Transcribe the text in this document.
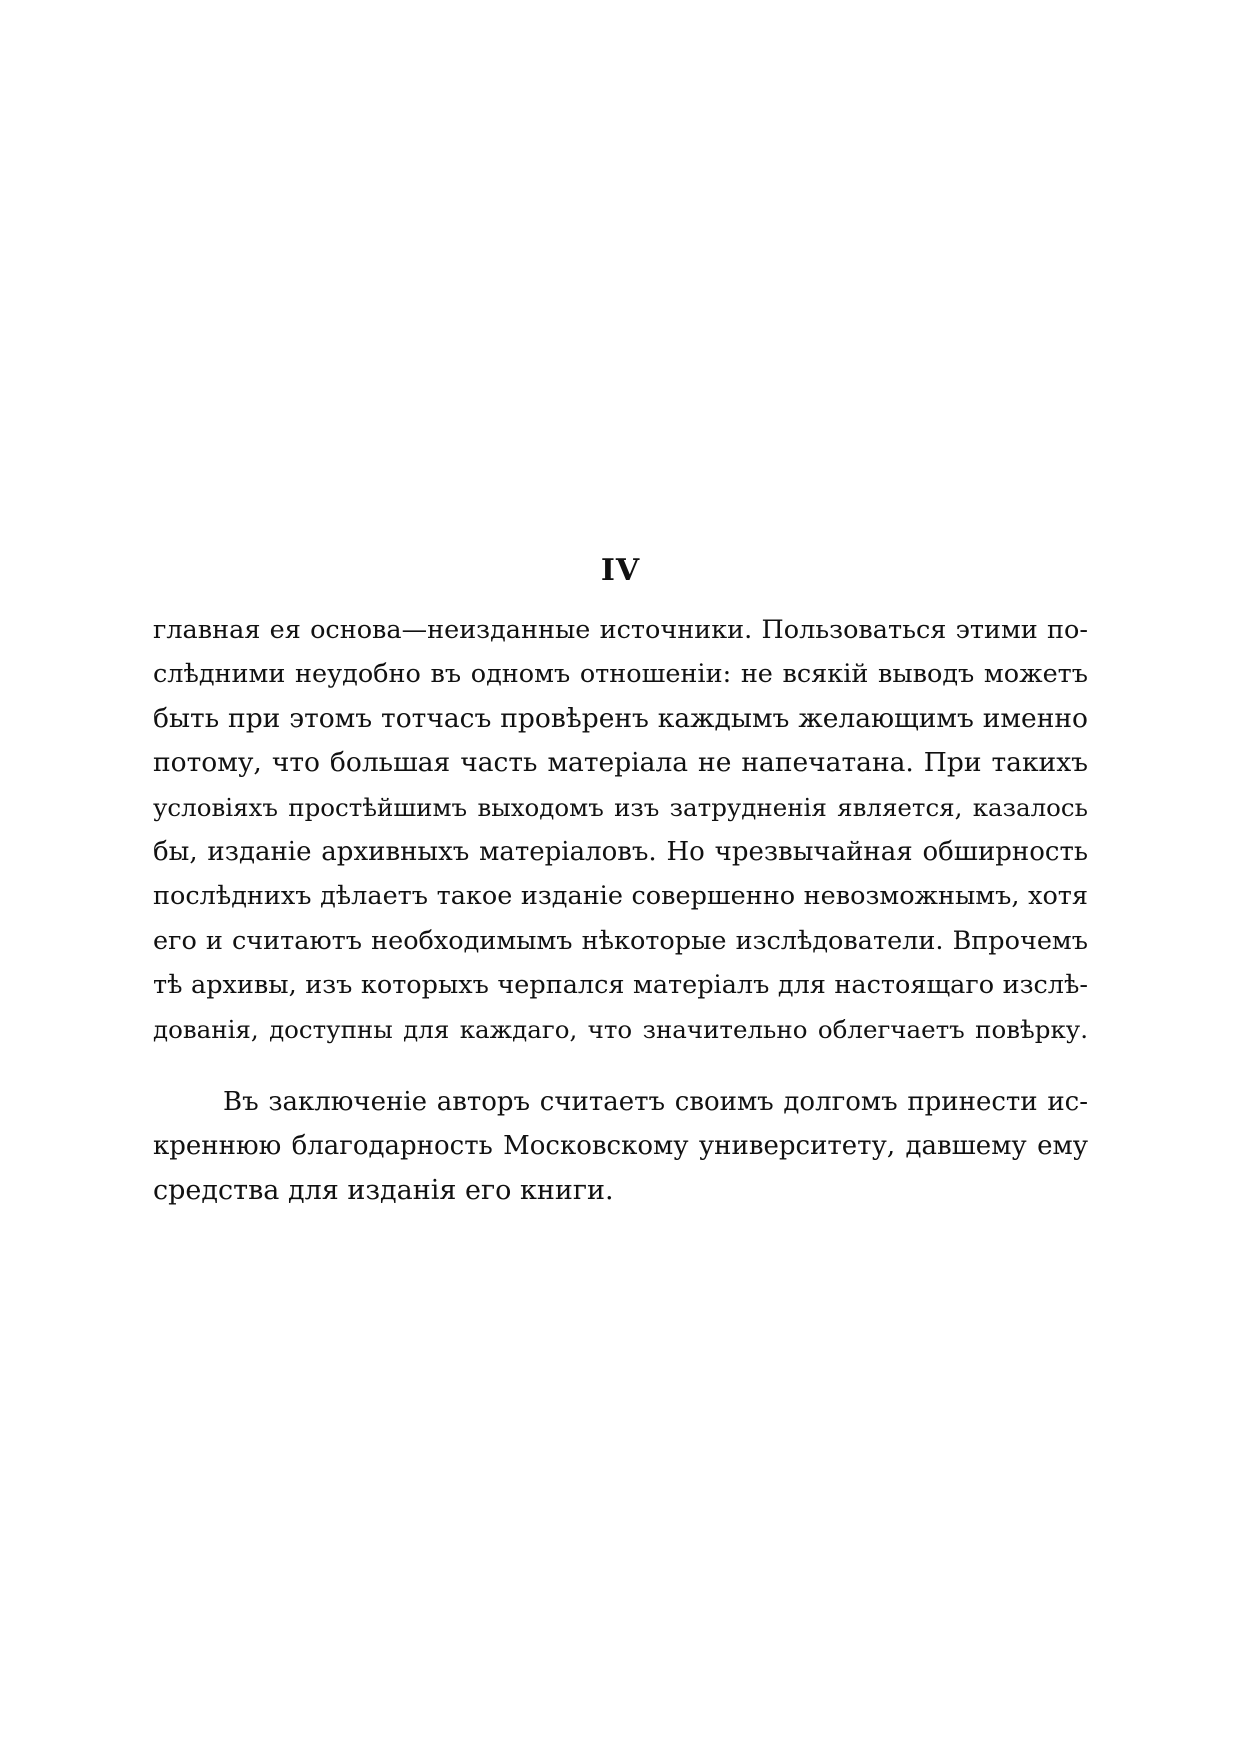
IV
главная ея основа—неизданные источники. Пользоваться этими по-
слѣдними неудобно въ одномъ отношеніи: не всякій выводъ можетъ
быть при этомъ тотчасъ провѣренъ каждымъ желающимъ именно
потому, что большая часть матеріала не напечатана. При такихъ
условіяхъ простѣйшимъ выходомъ изъ затрудненія является, казалось
бы, изданіе архивныхъ матеріаловъ. Но чрезвычайная обширность
послѣднихъ дѣлаетъ такое изданіе совершенно невозможнымъ, хотя
его и считаютъ необходимымъ нѣкоторые изслѣдователи. Впрочемъ
тѣ архивы, изъ которыхъ черпался матеріалъ для настоящаго изслѣ-
дованія, доступны для каждаго, что значительно облегчаетъ повѣрку.
Въ заключеніе авторъ считаетъ своимъ долгомъ принести ис-
креннюю благодарность Московскому университету, давшему ему
средства для изданія его книги.
